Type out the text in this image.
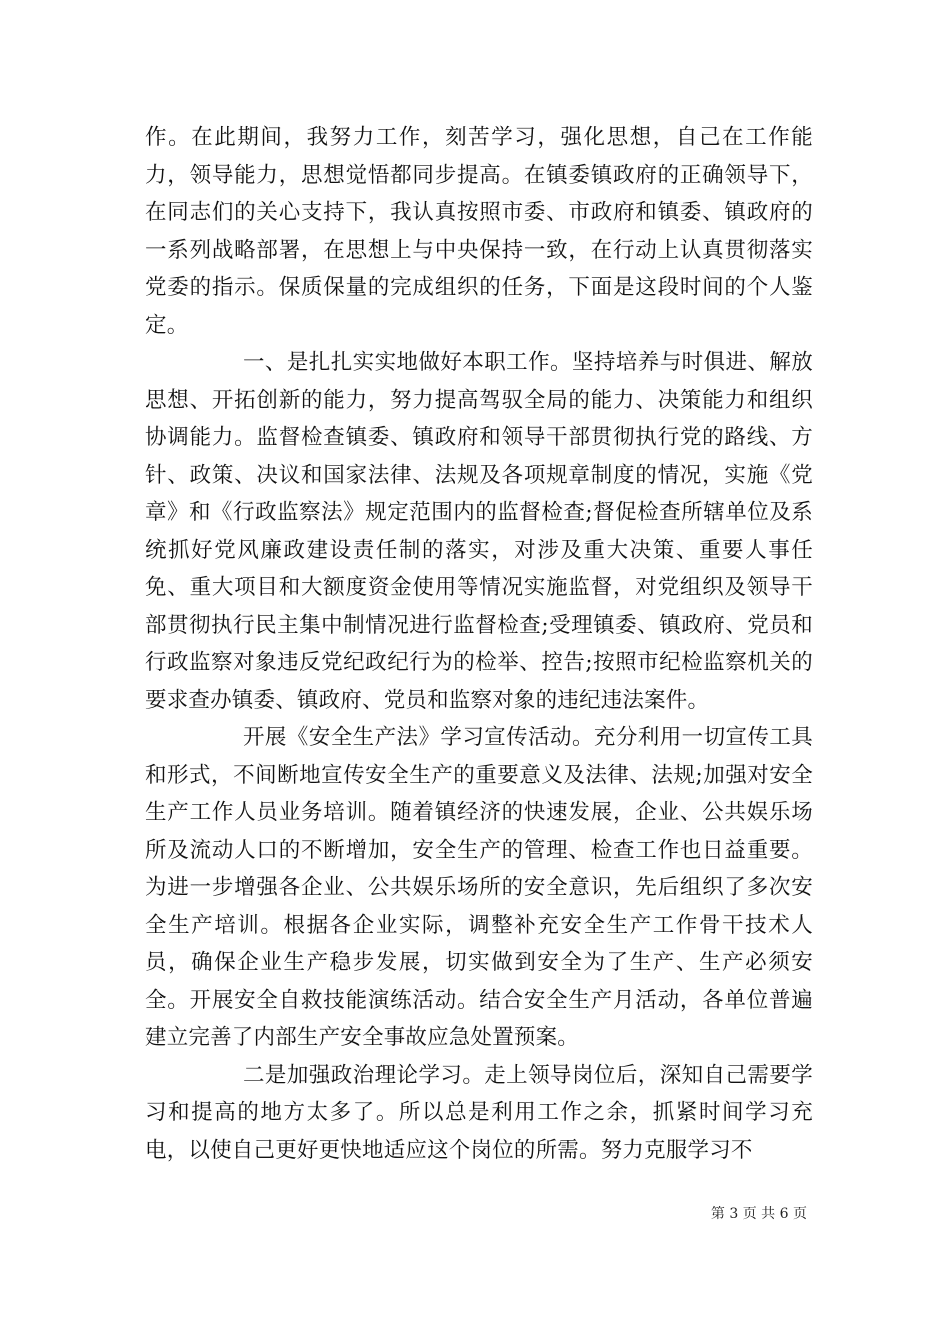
作。在此期间，我努力工作，刻苦学习，强化思想，自己在工作能力，领导能力，思想觉悟都同步提高。在镇委镇政府的正确领导下，在同志们的关心支持下，我认真按照市委、市政府和镇委、镇政府的一系列战略部署，在思想上与中央保持一致，在行动上认真贯彻落实党委的指示。保质保量的完成组织的任务，下面是这段时间的个人鉴定。

一、是扎扎实实地做好本职工作。坚持培养与时俱进、解放思想、开拓创新的能力，努力提高驾驭全局的能力、决策能力和组织协调能力。监督检查镇委、镇政府和领导干部贯彻执行党的路线、方针、政策、决议和国家法律、法规及各项规章制度的情况，实施《党章》和《行政监察法》规定范围内的监督检查;督促检查所辖单位及系统抓好党风廉政建设责任制的落实，对涉及重大决策、重要人事任免、重大项目和大额度资金使用等情况实施监督，对党组织及领导干部贯彻执行民主集中制情况进行监督检查;受理镇委、镇政府、党员和行政监察对象违反党纪政纪行为的检举、控告;按照市纪检监察机关的要求查办镇委、镇政府、党员和监察对象的违纪违法案件。

开展《安全生产法》学习宣传活动。充分利用一切宣传工具和形式，不间断地宣传安全生产的重要意义及法律、法规;加强对安全生产工作人员业务培训。随着镇经济的快速发展，企业、公共娱乐场所及流动人口的不断增加，安全生产的管理、检查工作也日益重要。为进一步增强各企业、公共娱乐场所的安全意识，先后组织了多次安全生产培训。根据各企业实际，调整补充安全生产工作骨干技术人员，确保企业生产稳步发展，切实做到安全为了生产、生产必须安全。开展安全自救技能演练活动。结合安全生产月活动，各单位普遍建立完善了内部生产安全事故应急处置预案。

二是加强政治理论学习。走上领导岗位后，深知自己需要学习和提高的地方太多了。所以总是利用工作之余，抓紧时间学习充电，以使自己更好更快地适应这个岗位的所需。努力克服学习不

第 3 页 共 6 页
